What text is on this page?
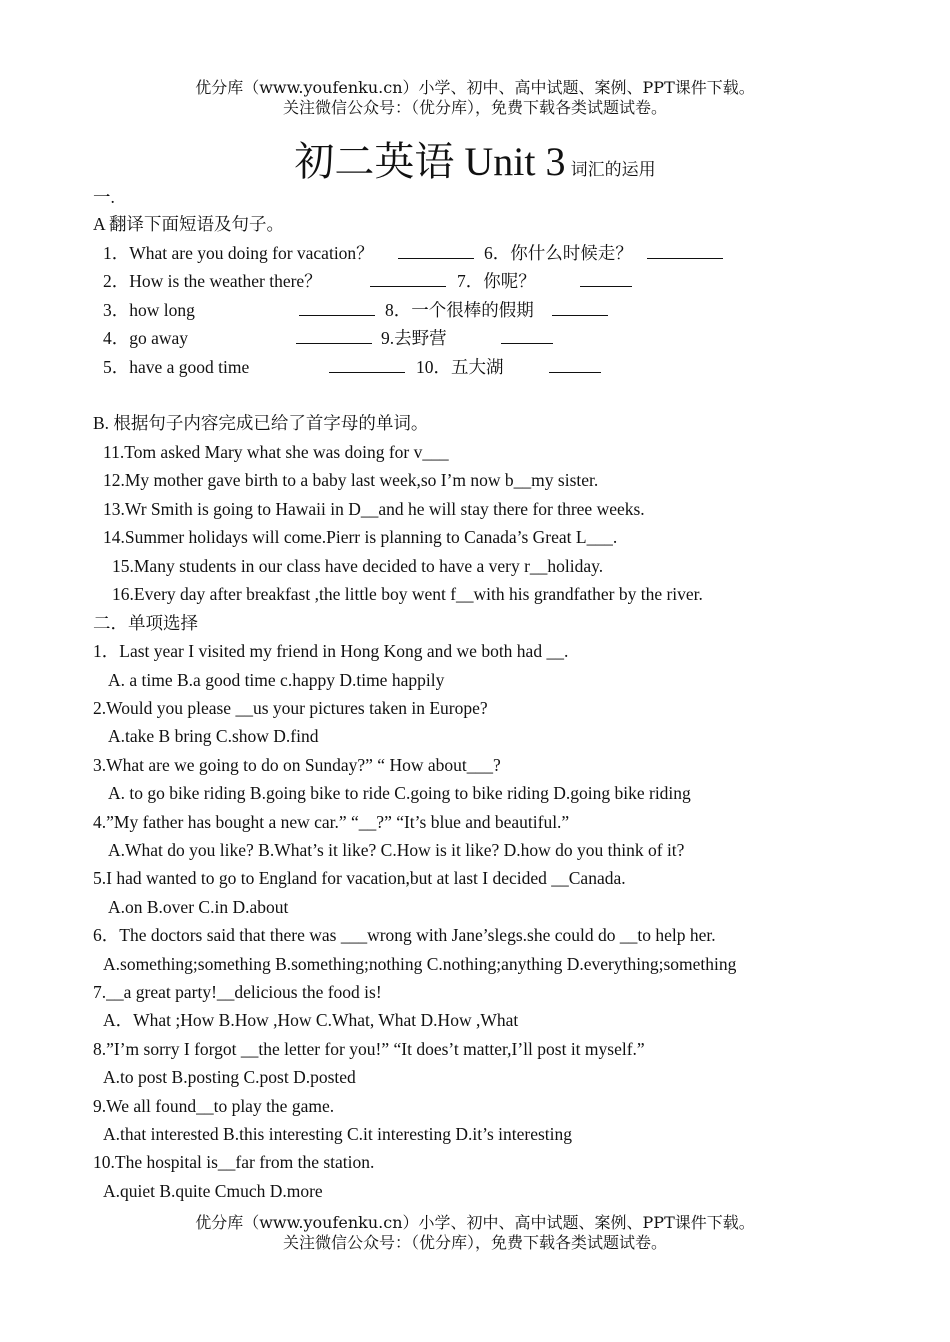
优分库（www.youfenku.cn）小学、初中、高中试题、案例、PPT课件下载。
关注微信公众号：（优分库），免费下载各类试题试卷。
初二英语 Unit 3 词汇的运用
一.
A 翻译下面短语及句子。
1．What are you doing for vacation？
2．How is the weather there？
3．how long
4．go away
5．have a good time
6．你什么时候走？
7．你呢？
8．一个很棒的假期
9.去野营
10．五大湖
B. 根据句子内容完成已给了首字母的单词。
11.Tom asked Mary what she was doing for v___
12.My mother gave birth to a baby last week,so I’m now b__my sister.
13.Wr Smith is going to Hawaii in D__and he will stay there for three weeks.
14.Summer holidays will come.Pierr is planning to Canada’s Great L___.
15.Many students in our class have decided to have a very r__holiday.
16.Every day after breakfast ,the little boy went f__with his grandfather by the river.
二．单项选择
1．Last year I visited my friend in Hong Kong and we both had __.
A. a time B.a good time c.happy D.time happily
2.Would you please __us your pictures taken in Europe?
A.take B bring C.show D.find
3.What are we going to do on Sunday?” “ How about___?
A. to go bike riding B.going bike to ride C.going to bike riding D.going bike riding
4.”My father has bought a new car.” “__?” “It’s blue and beautiful.”
A.What do you like? B.What’s it like? C.How is it like? D.how do you think of it?
5.I had wanted to go to England for vacation,but at last I decided __Canada.
A.on B.over C.in D.about
6．The doctors said that there was ___wrong with Jane’slegs.she could do __to help her.
A.something;something B.something;nothing C.nothing;anything D.everything;something
7.__a great party!__delicious the food is!
A．What ;How B.How ,How C.What, What D.How ,What
8.”I’m sorry I forgot __the letter for you!” “It does’t matter,I’ll post it myself.”
A.to post B.posting C.post D.posted
9.We all found__to play the game.
A.that interested B.this interesting C.it interesting D.it’s interesting
10.The hospital is__far from the station.
A.quiet B.quite Cmuch D.more
优分库（www.youfenku.cn）小学、初中、高中试题、案例、PPT课件下载。
关注微信公众号：（优分库），免费下载各类试题试卷。
